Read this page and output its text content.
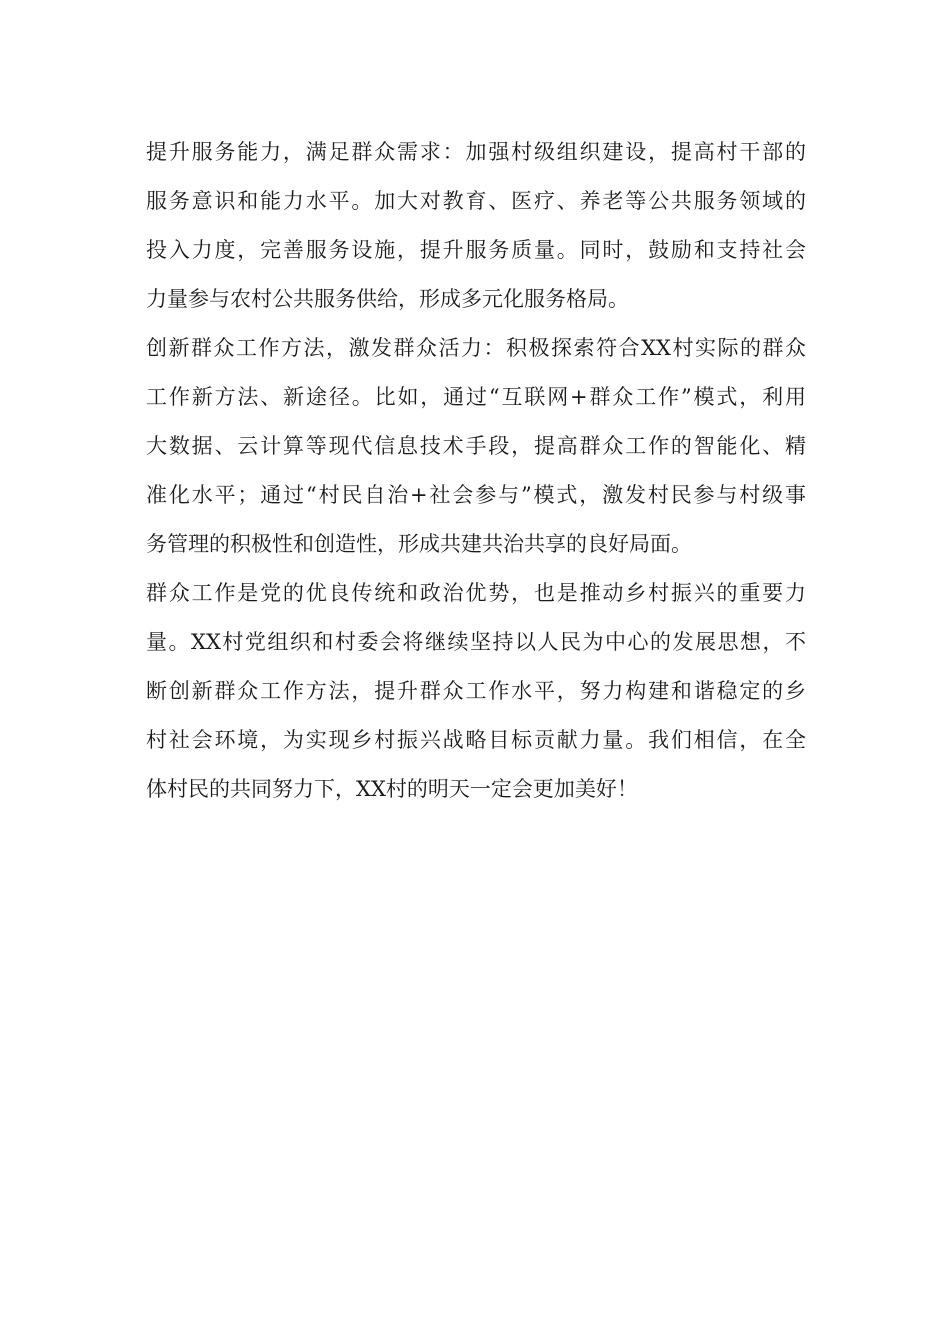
提升服务能力，满足群众需求：加强村级组织建设，提高村干部的
服务意识和能力水平。加大对教育、医疗、养老等公共服务领域的
投入力度，完善服务设施，提升服务质量。同时，鼓励和支持社会
力量参与农村公共服务供给，形成多元化服务格局。
创新群众工作方法，激发群众活力：积极探索符合XX村实际的群众
工作新方法、新途径。比如，通过“互联网+群众工作”模式，利用
大数据、云计算等现代信息技术手段，提高群众工作的智能化、精
准化水平；通过“村民自治+社会参与”模式，激发村民参与村级事
务管理的积极性和创造性，形成共建共治共享的良好局面。
群众工作是党的优良传统和政治优势，也是推动乡村振兴的重要力
量。XX村党组织和村委会将继续坚持以人民为中心的发展思想，不
断创新群众工作方法，提升群众工作水平，努力构建和谐稳定的乡
村社会环境，为实现乡村振兴战略目标贡献力量。我们相信，在全
体村民的共同努力下，XX村的明天一定会更加美好！
